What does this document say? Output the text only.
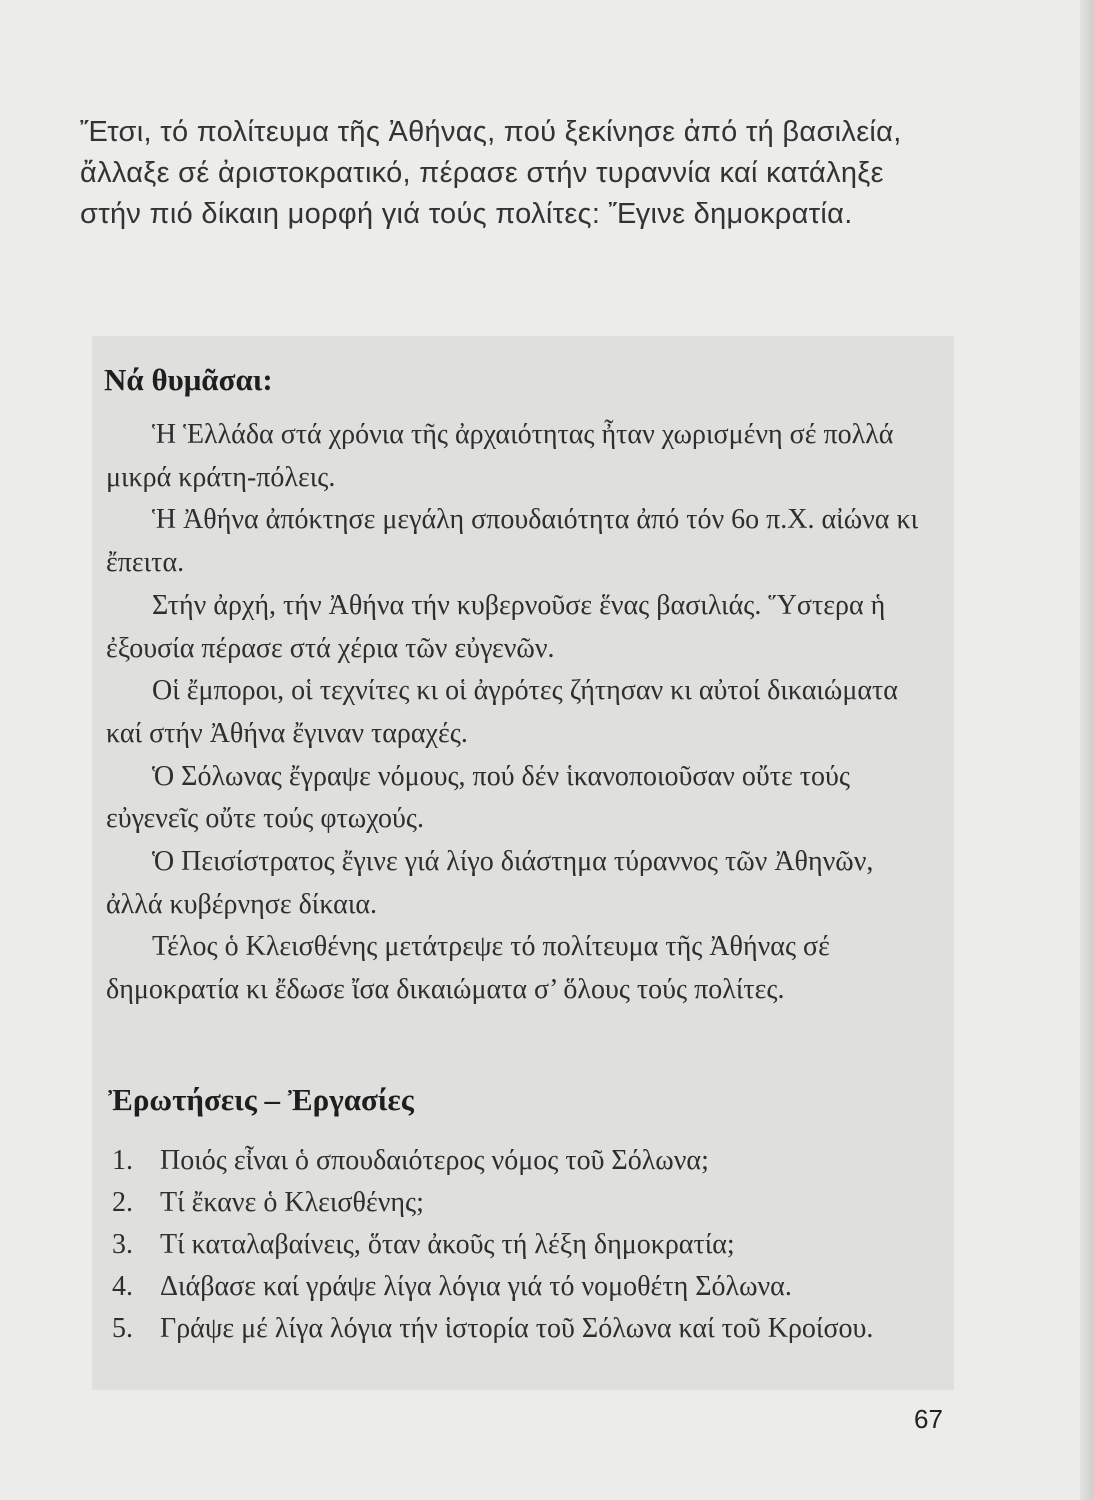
Ἔτσι, τό πολίτευμα τῆς Ἀθήνας, πού ξεκίνησε ἀπό τή βασιλεία, ἄλλαξε σέ ἀριστοκρατικό, πέρασε στήν τυραννία καί κατάληξε στήν πιό δίκαιη μορφή γιά τούς πολίτες: Ἔγινε δημοκρατία.

Νά θυμᾶσαι:

Ἡ Ἑλλάδα στά χρόνια τῆς ἀρχαιότητας ἦταν χωρισμένη σέ πολλά μικρά κράτη-πόλεις.

Ἡ Ἀθήνα ἀπόκτησε μεγάλη σπουδαιότητα ἀπό τόν 6ο π.Χ. αἰώνα κι ἔπειτα.

Στήν ἀρχή, τήν Ἀθήνα τήν κυβερνοῦσε ἕνας βασιλιάς. Ὕστερα ἡ ἐξουσία πέρασε στά χέρια τῶν εὐγενῶν.

Οἱ ἔμποροι, οἱ τεχνίτες κι οἱ ἀγρότες ζήτησαν κι αὐτοί δικαιώματα καί στήν Ἀθήνα ἔγιναν ταραχές.

Ὁ Σόλωνας ἔγραψε νόμους, πού δέν ἱκανοποιοῦσαν οὔτε τούς εὐγενεῖς οὔτε τούς φτωχούς.

Ὁ Πεισίστρατος ἔγινε γιά λίγο διάστημα τύραννος τῶν Ἀθηνῶν, ἀλλά κυβέρνησε δίκαια.

Τέλος ὁ Κλεισθένης μετάτρεψε τό πολίτευμα τῆς Ἀθήνας σέ δημοκρατία κι ἔδωσε ἴσα δικαιώματα σ’ ὅλους τούς πολίτες.

Ἐρωτήσεις – Ἐργασίες
1. Ποιός εἶναι ὁ σπουδαιότερος νόμος τοῦ Σόλωνα;
2. Τί ἔκανε ὁ Κλεισθένης;
3. Τί καταλαβαίνεις, ὅταν ἀκοῦς τή λέξη δημοκρατία;
4. Διάβασε καί γράψε λίγα λόγια γιά τό νομοθέτη Σόλωνα.
5. Γράψε μέ λίγα λόγια τήν ἱστορία τοῦ Σόλωνα καί τοῦ Κροίσου.
67
